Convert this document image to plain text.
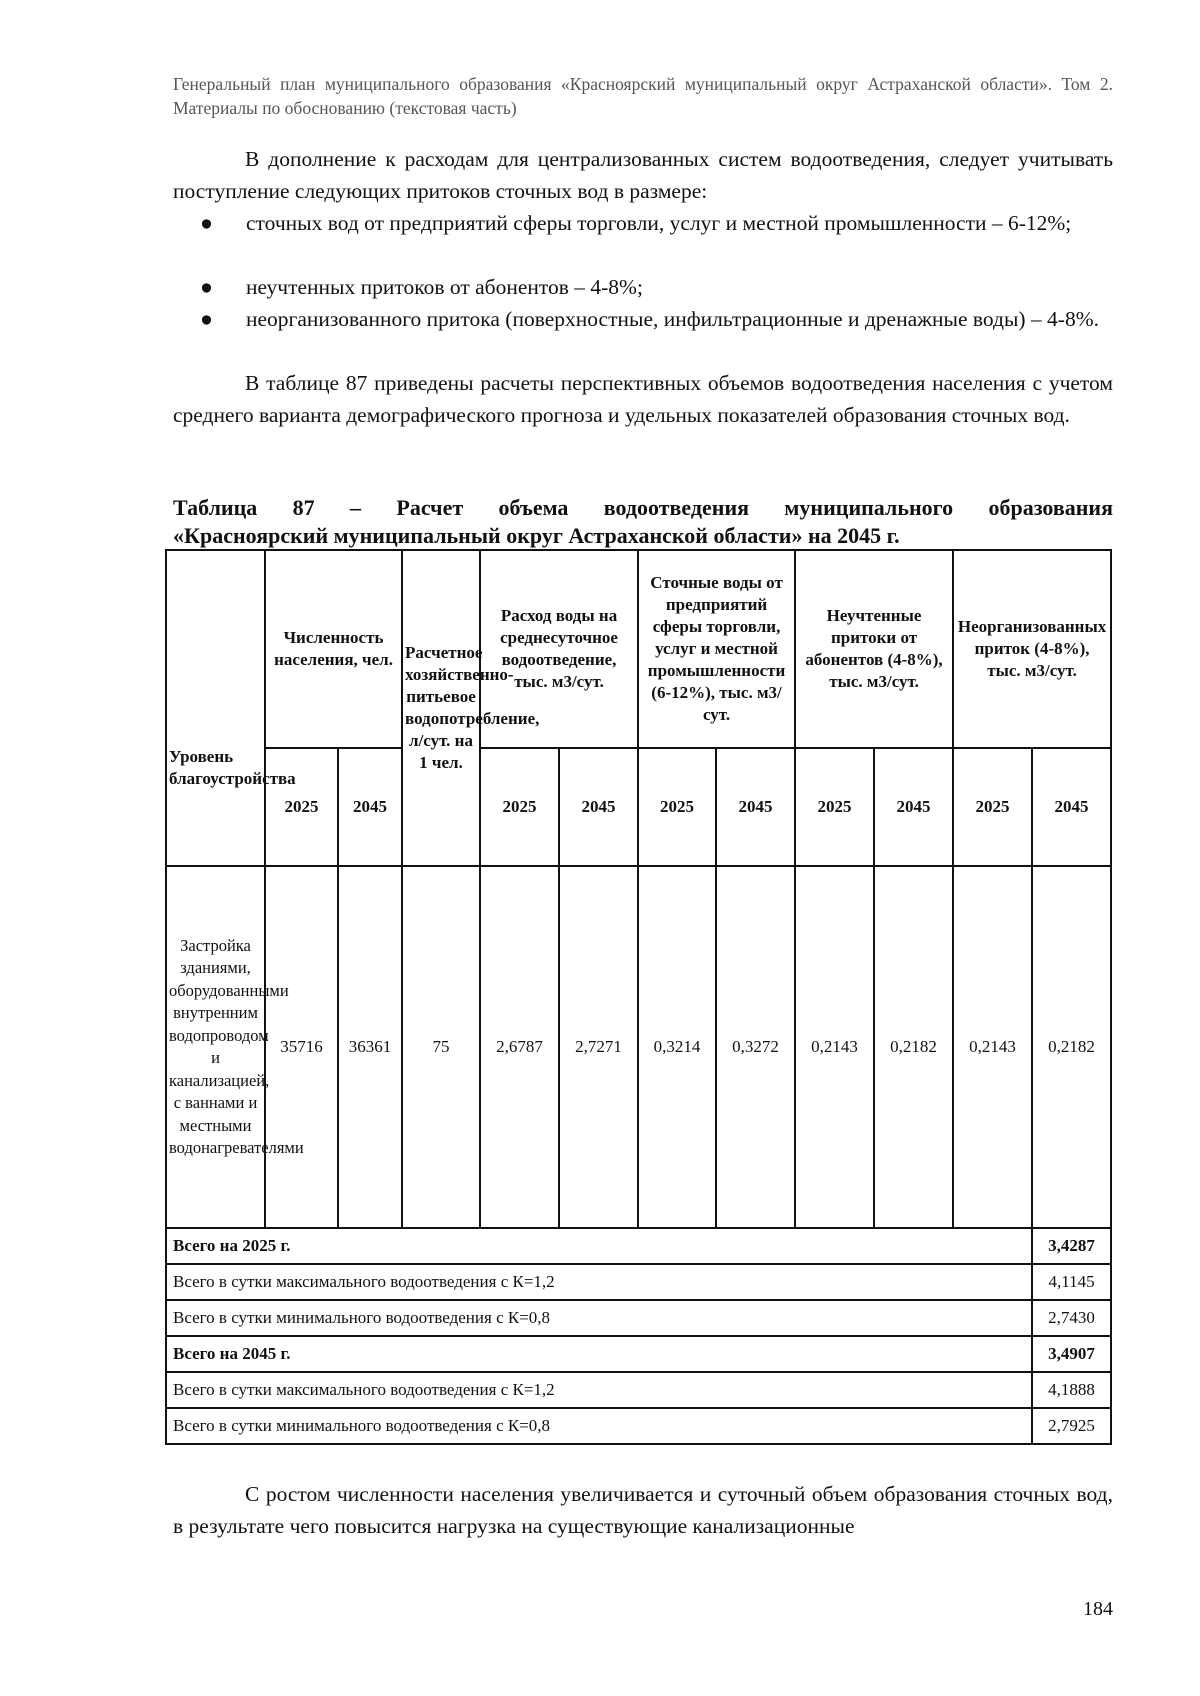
Генеральный план муниципального образования «Красноярский муниципальный округ Астраханской области». Том 2. Материалы по обоснованию (текстовая часть)
В дополнение к расходам для централизованных систем водоотведения, следует учитывать поступление следующих притоков сточных вод в размере:
● сточных вод от предприятий сферы торговли, услуг и местной промышленности – 6-12%;
● неучтенных притоков от абонентов – 4-8%;
● неорганизованного притока (поверхностные, инфильтрационные и дренажные воды) – 4-8%.
В таблице 87 приведены расчеты перспективных объемов водоотведения населения с учетом среднего варианта демографического прогноза и удельных показателей образования сточных вод.
Таблица 87 – Расчет объема водоотведения муниципального образования
«Красноярский муниципальный округ Астраханской области» на 2045 г.
Уровень благоустройства	Численность населения, чел.		Расчетное хозяйственно-питьевое водопотребление, л/сут. на 1 чел.	Расход воды на среднесуточное водоотведение, тыс. м3/сут.		Сточные воды от предприятий сферы торговли, услуг и местной промышленности (6-12%), тыс. м3/сут.		Неучтенные притоки от абонентов (4-8%), тыс. м3/сут.		Неорганизованных приток (4-8%), тыс. м3/сут.	
	2025	2045		2025	2045	2025	2045	2025	2045	2025	2045
Застройка зданиями, оборудованными внутренним водопроводом и канализацией, с ваннами и местными водонагревателями	35716	36361	75	2,6787	2,7271	0,3214	0,3272	0,2143	0,2182	0,2143	0,2182
Всего на 2025 г.											3,4287
Всего в сутки максимального водоотведения с К=1,2											4,1145
Всего в сутки минимального водоотведения с К=0,8											2,7430
Всего на 2045 г.											3,4907
Всего в сутки максимального водоотведения с К=1,2											4,1888
Всего в сутки минимального водоотведения с К=0,8											2,7925
С ростом численности населения увеличивается и суточный объем образования сточных вод, в результате чего повысится нагрузка на существующие канализационные
184
